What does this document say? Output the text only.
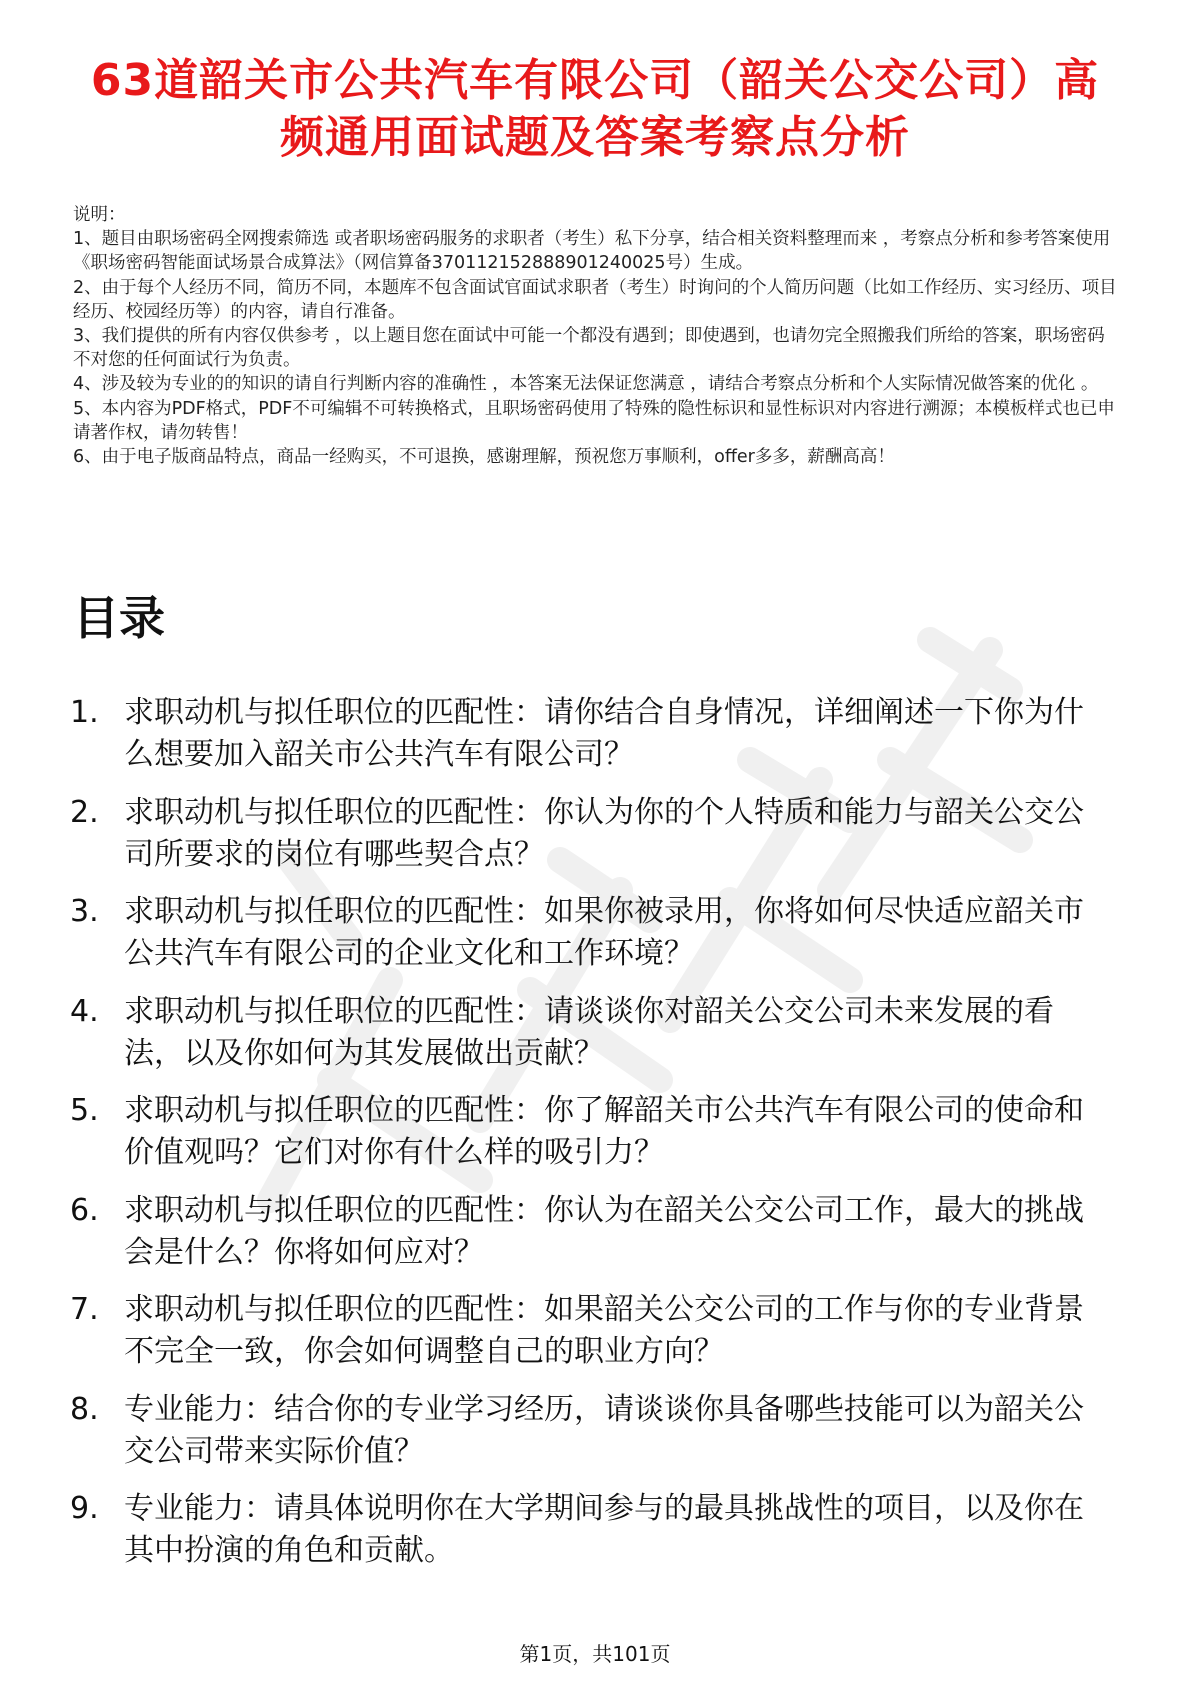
63道韶关市公共汽车有限公司（韶关公交公司）高频通用面试题及答案考察点分析
说明：
1、题目由职场密码全网搜索筛选 或者职场密码服务的求职者（考生）私下分享，结合相关资料整理而来 ，考察点分析和参考答案使用《职场密码智能面试场景合成算法》（网信算备370112152888901240025号）生成。
2、由于每个人经历不同，简历不同，本题库不包含面试官面试求职者（考生）时询问的个人简历问题（比如工作经历、实习经历、项目经历、校园经历等）的内容，请自行准备。
3、我们提供的所有内容仅供参考 ，以上题目您在面试中可能一个都没有遇到；即使遇到，也请勿完全照搬我们所给的答案，职场密码不对您的任何面试行为负责。
4、涉及较为专业的的知识的请自行判断内容的准确性 ，本答案无法保证您满意 ，请结合考察点分析和个人实际情况做答案的优化 。
5、本内容为PDF格式，PDF不可编辑不可转换格式，且职场密码使用了特殊的隐性标识和显性标识对内容进行溯源；本模板样式也已申请著作权，请勿转售！
6、由于电子版商品特点，商品一经购买，不可退换，感谢理解，预祝您万事顺利，offer多多，薪酬高高！
目录
1. 求职动机与拟任职位的匹配性：请你结合自身情况，详细阐述一下你为什么想要加入韶关市公共汽车有限公司？
2. 求职动机与拟任职位的匹配性：你认为你的个人特质和能力与韶关公交公司所要求的岗位有哪些契合点？
3. 求职动机与拟任职位的匹配性：如果你被录用，你将如何尽快适应韶关市公共汽车有限公司的企业文化和工作环境？
4. 求职动机与拟任职位的匹配性：请谈谈你对韶关公交公司未来发展的看法，以及你如何为其发展做出贡献？
5. 求职动机与拟任职位的匹配性：你了解韶关市公共汽车有限公司的使命和价值观吗？它们对你有什么样的吸引力？
6. 求职动机与拟任职位的匹配性：你认为在韶关公交公司工作，最大的挑战会是什么？你将如何应对？
7. 求职动机与拟任职位的匹配性：如果韶关公交公司的工作与你的专业背景不完全一致，你会如何调整自己的职业方向？
8. 专业能力：结合你的专业学习经历，请谈谈你具备哪些技能可以为韶关公交公司带来实际价值？
9. 专业能力：请具体说明你在大学期间参与的最具挑战性的项目，以及你在其中扮演的角色和贡献。
第1页，共101页
